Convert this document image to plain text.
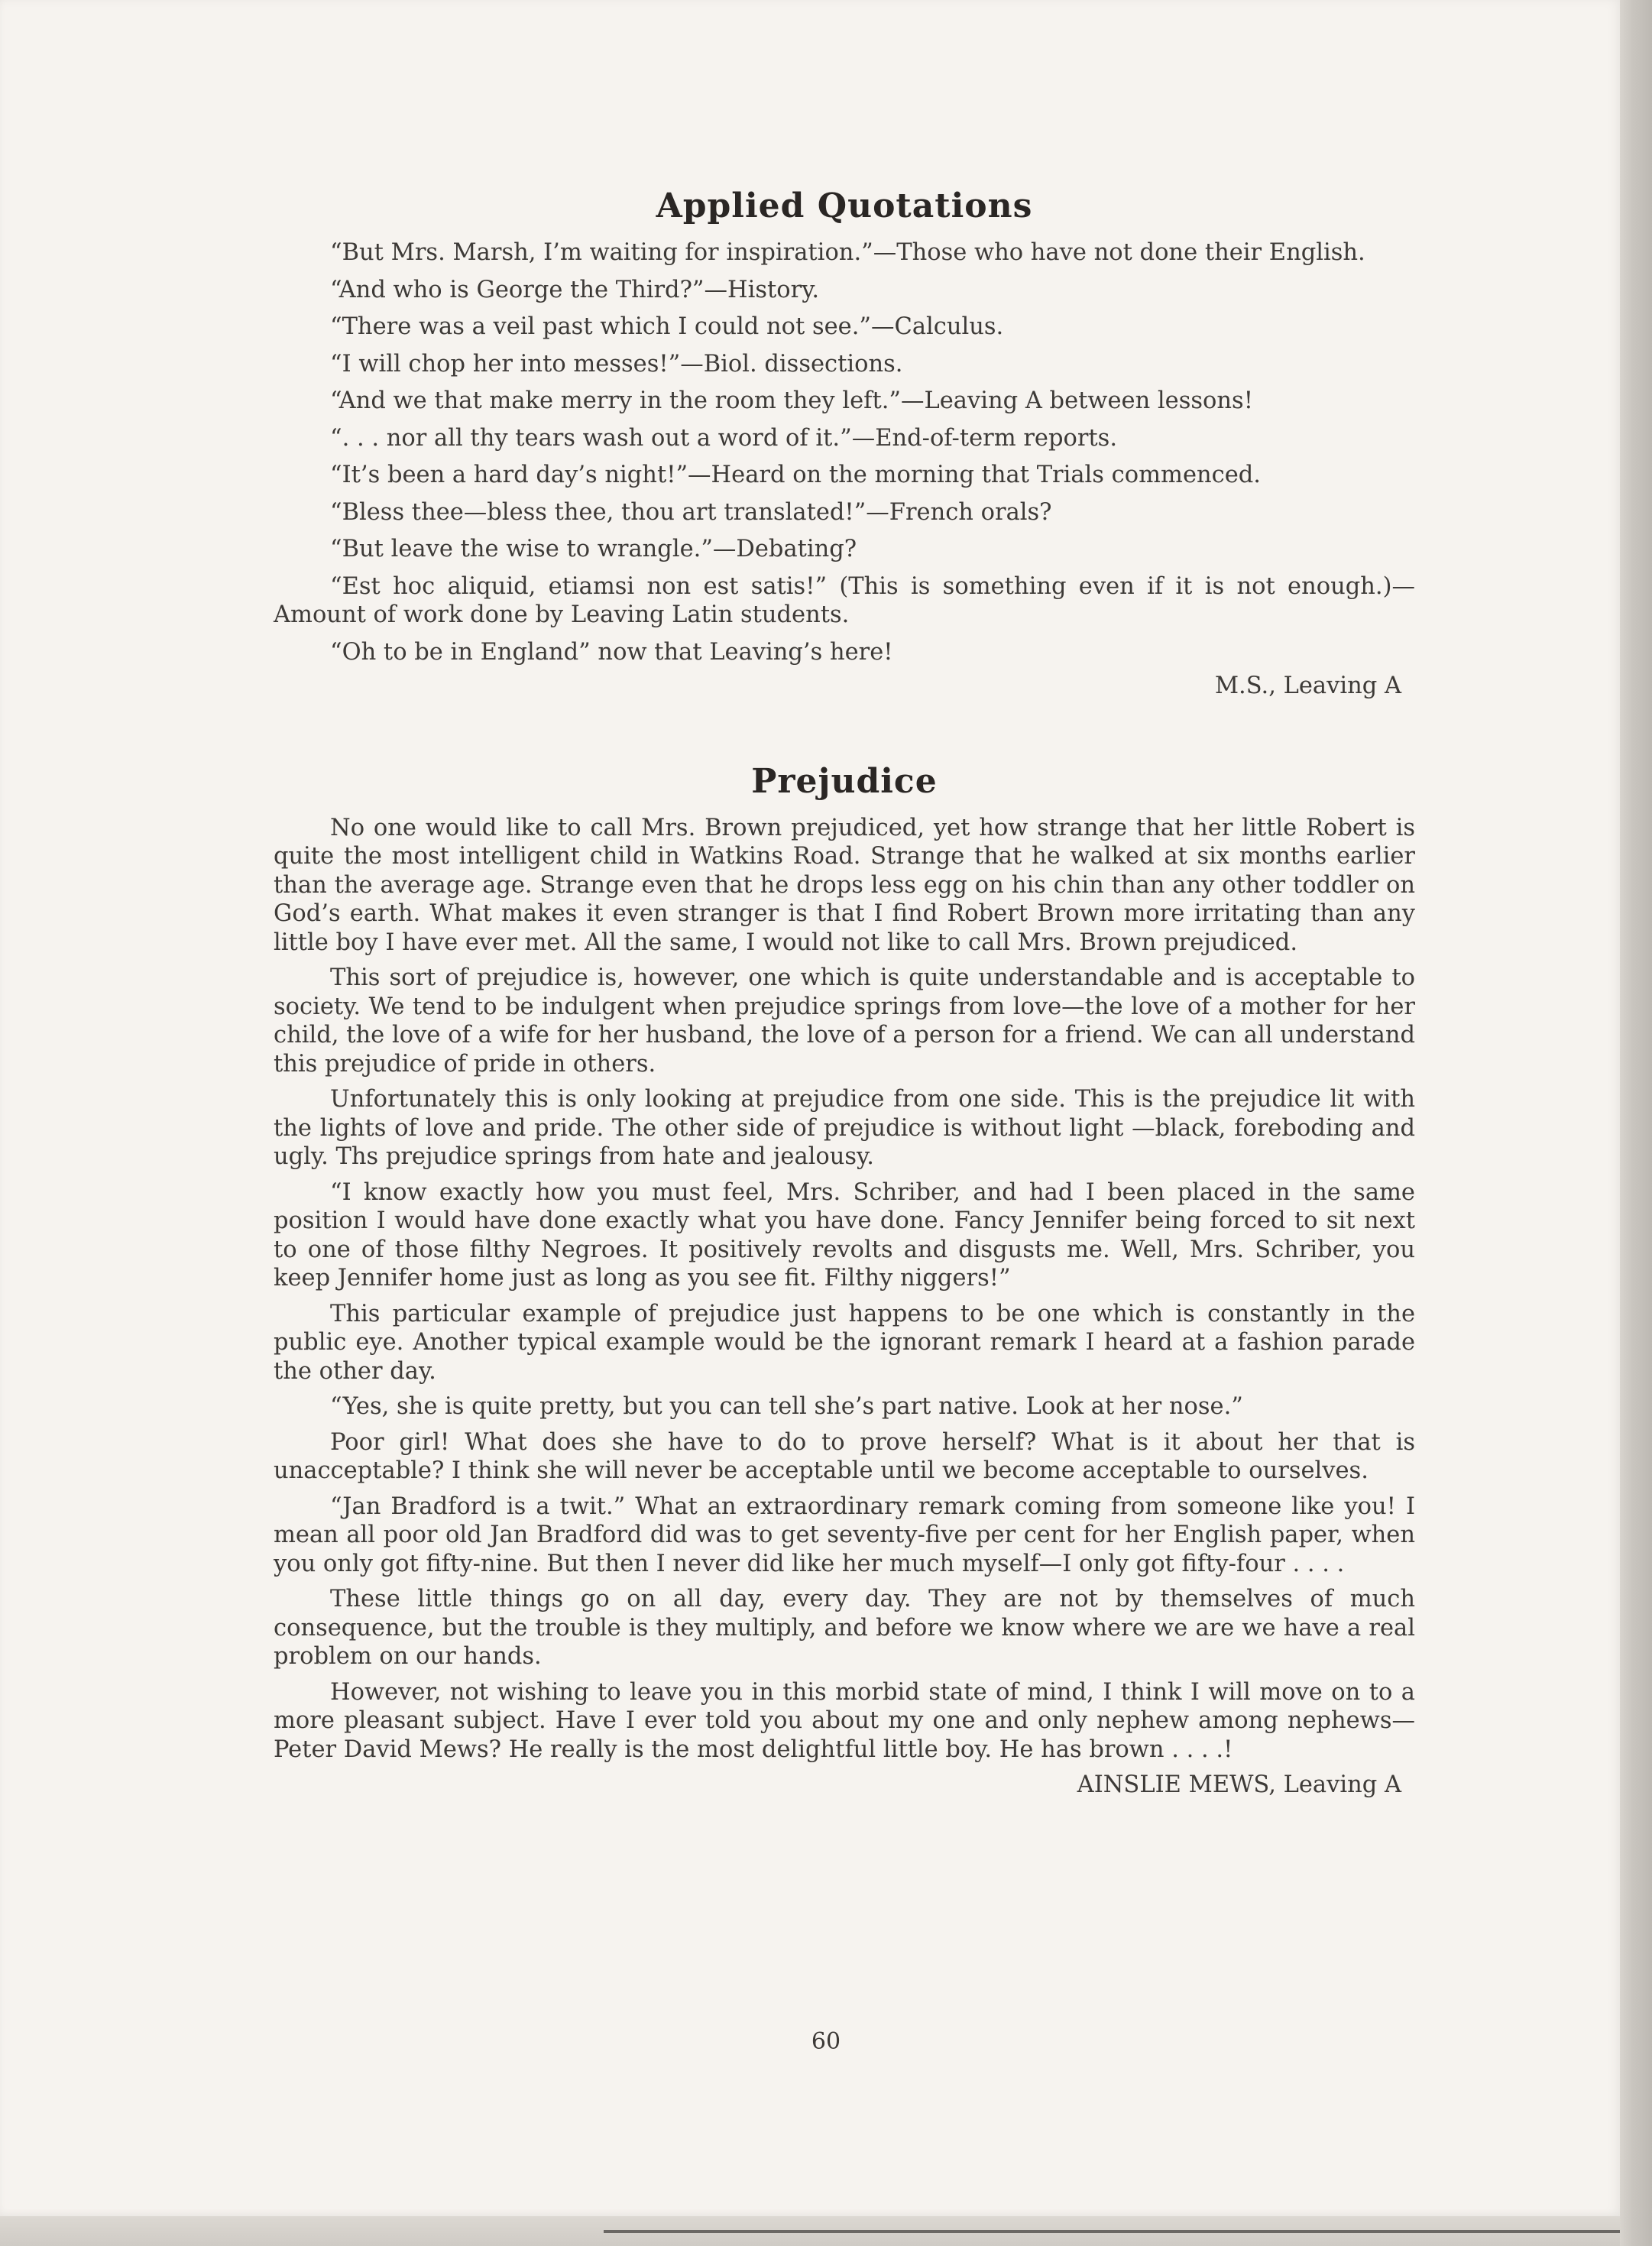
Applied Quotations

“But Mrs. Marsh, I’m waiting for inspiration.”—Those who have not done their English.

“And who is George the Third?”—History.

“There was a veil past which I could not see.”—Calculus.

“I will chop her into messes!”—Biol. dissections.

“And we that make merry in the room they left.”—Leaving A between lessons!

“. . . nor all thy tears wash out a word of it.”—End-of-term reports.

“It’s been a hard day’s night!”—Heard on the morning that Trials commenced.

“Bless thee—bless thee, thou art translated!”—French orals?

“But leave the wise to wrangle.”—Debating?

“Est hoc aliquid, etiamsi non est satis!” (This is something even if it is not enough.)—Amount of work done by Leaving Latin students.

“Oh to be in England” now that Leaving’s here!

M.S., Leaving A

Prejudice

No one would like to call Mrs. Brown prejudiced, yet how strange that her little Robert is quite the most intelligent child in Watkins Road. Strange that he walked at six months earlier than the average age. Strange even that he drops less egg on his chin than any other toddler on God’s earth. What makes it even stranger is that I find Robert Brown more irritating than any little boy I have ever met. All the same, I would not like to call Mrs. Brown prejudiced.

This sort of prejudice is, however, one which is quite understandable and is acceptable to society. We tend to be indulgent when prejudice springs from love—the love of a mother for her child, the love of a wife for her husband, the love of a person for a friend. We can all understand this prejudice of pride in others.

Unfortunately this is only looking at prejudice from one side. This is the prejudice lit with the lights of love and pride. The other side of prejudice is without light —black, foreboding and ugly. Ths prejudice springs from hate and jealousy.

“I know exactly how you must feel, Mrs. Schriber, and had I been placed in the same position I would have done exactly what you have done. Fancy Jennifer being forced to sit next to one of those filthy Negroes. It positively revolts and disgusts me. Well, Mrs. Schriber, you keep Jennifer home just as long as you see fit. Filthy niggers!”

This particular example of prejudice just happens to be one which is constantly in the public eye. Another typical example would be the ignorant remark I heard at a fashion parade the other day.

“Yes, she is quite pretty, but you can tell she’s part native. Look at her nose.”

Poor girl! What does she have to do to prove herself? What is it about her that is unacceptable? I think she will never be acceptable until we become acceptable to ourselves.

“Jan Bradford is a twit.” What an extraordinary remark coming from someone like you! I mean all poor old Jan Bradford did was to get seventy-five per cent for her English paper, when you only got fifty-nine. But then I never did like her much myself—I only got fifty-four . . . .

These little things go on all day, every day. They are not by themselves of much consequence, but the trouble is they multiply, and before we know where we are we have a real problem on our hands.

However, not wishing to leave you in this morbid state of mind, I think I will move on to a more pleasant subject. Have I ever told you about my one and only nephew among nephews—Peter David Mews? He really is the most delightful little boy. He has brown . . . .!

AINSLIE MEWS, Leaving A

60
